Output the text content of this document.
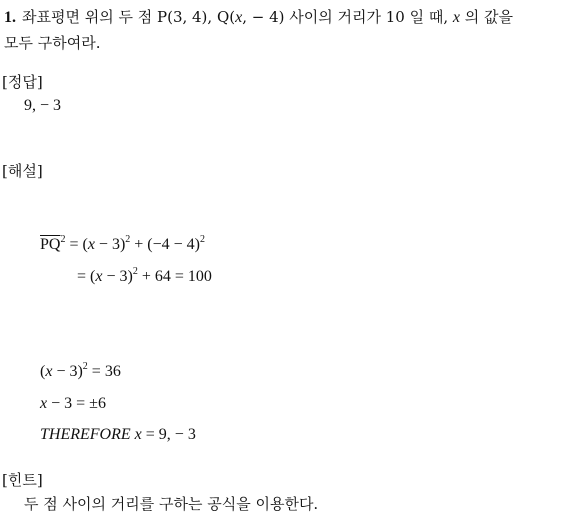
1. 좌표평면 위의 두 점 P(3, 4), Q(x, − 4) 사이의 거리가 10 일 때, x 의 값을
모두 구하여라.
[정답]
9, − 3
[해설]
$\overline{PQ}^2 = (x - 3)^2 + (-4 - 4)^2$
= $(x - 3)^2 + 64 = 100$
$(x - 3)^2 = 36$
x − 3 = ±6
THEREFORE x = 9, − 3
[힌트]
두 점 사이의 거리를 구하는 공식을 이용한다.
